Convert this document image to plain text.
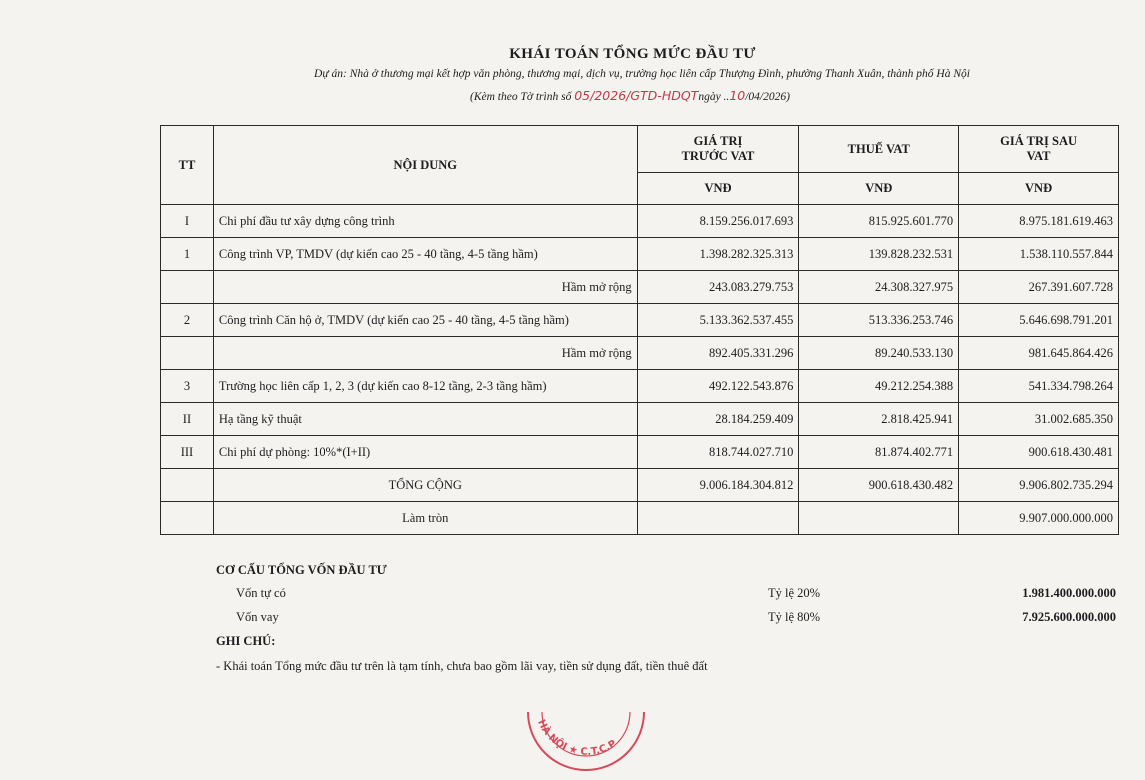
KHÁI TOÁN TỔNG MỨC ĐẦU TƯ
Dự án: Nhà ở thương mại kết hợp văn phòng, thương mại, dịch vụ, trường học liên cấp Thượng Đình, phường Thanh Xuân, thành phố Hà Nội
(Kèm theo Tờ trình số 05/2026/GTD-HDQTngày ..10/04/2026)
TT	NỘI DUNG	GIÁ TRỊ TRƯỚC VAT	THUẾ VAT	GIÁ TRỊ SAU VAT
		VNĐ	VNĐ	VNĐ
I	Chi phí đầu tư xây dựng công trình	8.159.256.017.693	815.925.601.770	8.975.181.619.463
1	Công trình VP, TMDV (dự kiến cao 25 - 40 tầng, 4-5 tầng hầm)	1.398.282.325.313	139.828.232.531	1.538.110.557.844
	Hầm mở rộng	243.083.279.753	24.308.327.975	267.391.607.728
2	Công trình Căn hộ ở, TMDV (dự kiến cao 25 - 40 tầng, 4-5 tầng hầm)	5.133.362.537.455	513.336.253.746	5.646.698.791.201
	Hầm mở rộng	892.405.331.296	89.240.533.130	981.645.864.426
3	Trường học liên cấp 1, 2, 3 (dự kiến cao 8-12 tầng, 2-3 tầng hầm)	492.122.543.876	49.212.254.388	541.334.798.264
II	Hạ tầng kỹ thuật	28.184.259.409	2.818.425.941	31.002.685.350
III	Chi phí dự phòng: 10%*(I+II)	818.744.027.710	81.874.402.771	900.618.430.481
	TỔNG CỘNG	9.006.184.304.812	900.618.430.482	9.906.802.735.294
	Làm tròn			9.907.000.000.000
CƠ CẤU TỔNG VỐN ĐẦU TƯ
Vốn tự có	Tỷ lệ 20%	1.981.400.000.000
Vốn vay	Tỷ lệ 80%	7.925.600.000.000
GHI CHÚ:
- Khái toán Tổng mức đầu tư trên là tạm tính, chưa bao gồm lãi vay, tiền sử dụng đất, tiền thuê đất
HÀ NỘI ★ C.T.C.P
